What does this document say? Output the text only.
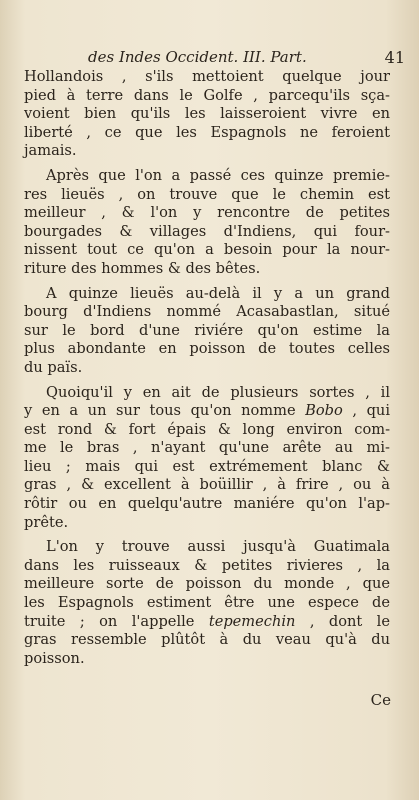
des Indes Occident. III. Part.	41

Hollandois , s'ils mettoient quelque jour
pied à terre dans le Golfe , parcequ'ils sça-
voient bien qu'ils les laisseroient vivre en
liberté , ce que les Espagnols ne feroient
jamais.

Après que l'on a passé ces quinze premie-
res lieuës , on trouve que le chemin est
meilleur , & l'on y rencontre de petites
bourgades & villages d'Indiens, qui four-
nissent tout ce qu'on a besoin pour la nour-
riture des hommes & des bêtes.

A quinze lieuës au-delà il y a un grand
bourg d'Indiens nommé Acasabastlan, situé
sur le bord d'une riviére qu'on estime la
plus abondante en poisson de toutes celles
du païs.

Quoiqu'il y en ait de plusieurs sortes , il
y en a un sur tous qu'on nomme Bobo , qui
est rond & fort épais & long environ com-
me le bras , n'ayant qu'une arête au mi-
lieu ; mais qui est extrémement blanc &
gras , & excellent à boüillir , à frire , ou à
rôtir ou en quelqu'autre maniére qu'on l'ap-
prête.

L'on y trouve aussi jusqu'à Guatimala
dans les ruisseaux & petites rivieres , la
meilleure sorte de poisson du monde , que
les Espagnols estiment être une espece de
truite ; on l'appelle tepemechin , dont le
gras ressemble plûtôt à du veau qu'à du
poisson.

Ce
